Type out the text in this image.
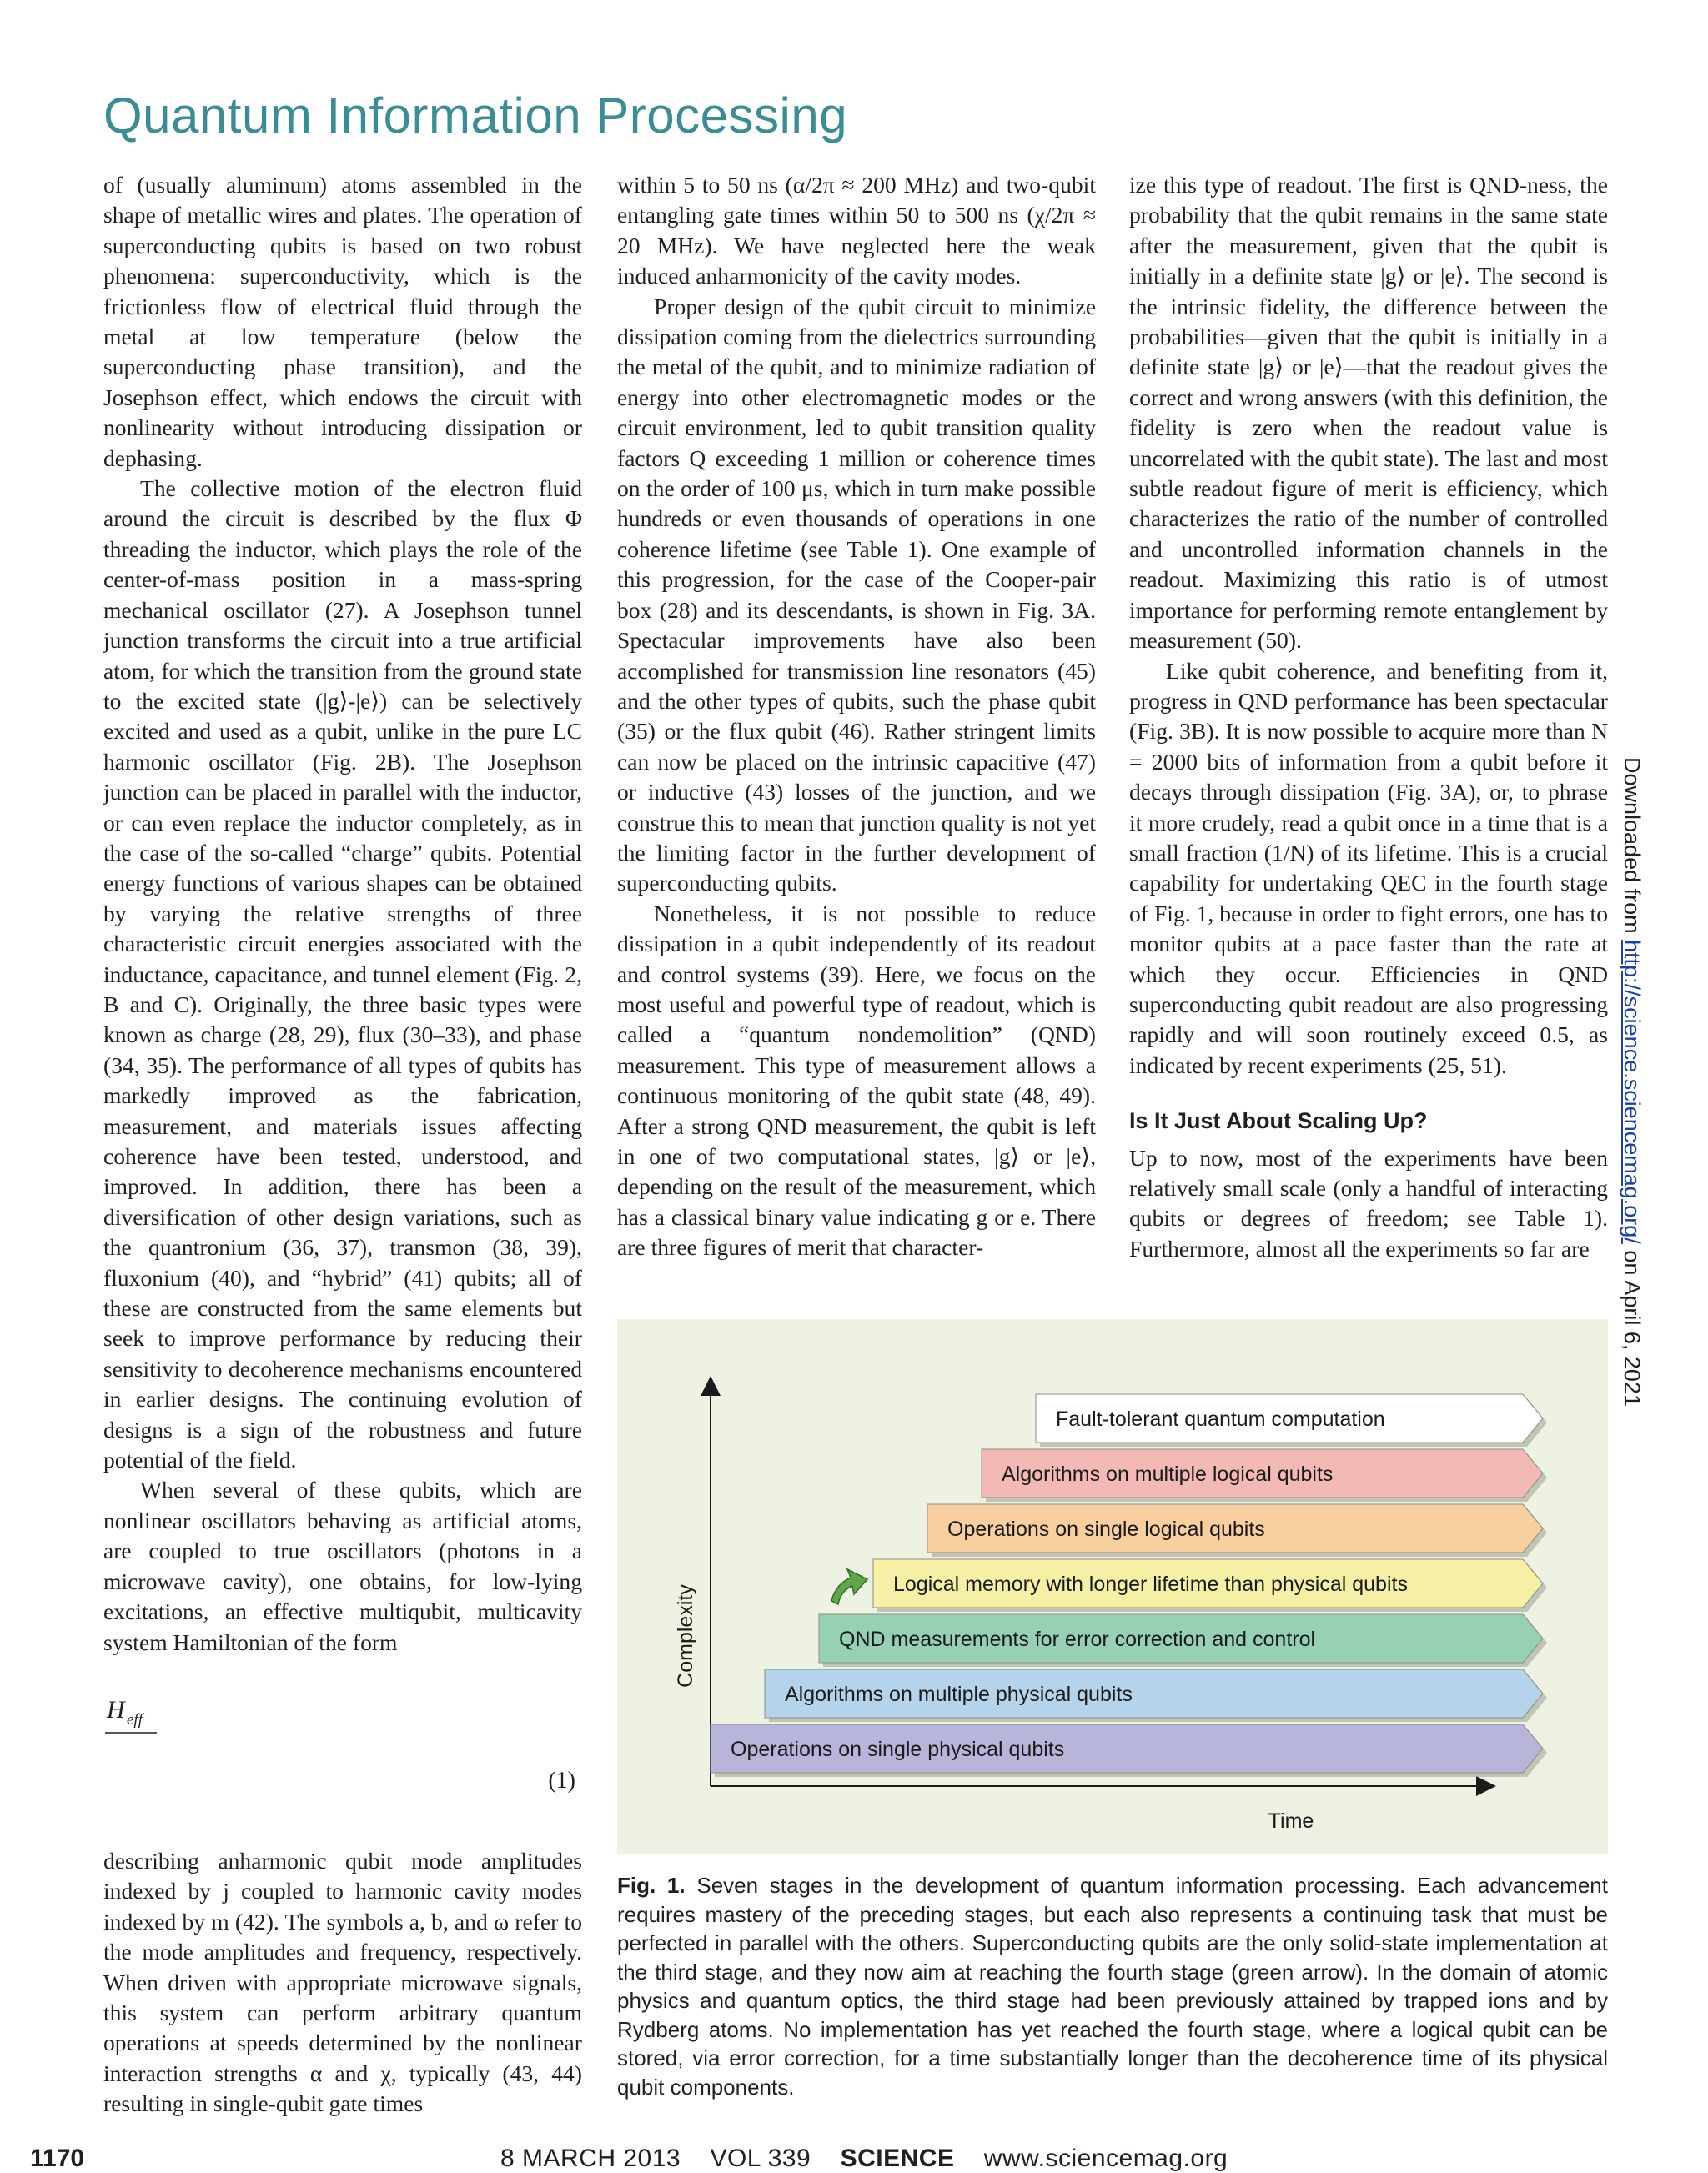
Quantum Information Processing

of (usually aluminum) atoms assembled in the shape of metallic wires and plates. The operation of superconducting qubits is based on two robust phenomena: superconductivity, which is the frictionless flow of electrical fluid through the metal at low temperature (below the superconducting phase transition), and the Josephson effect, which endows the circuit with nonlinearity without introducing dissipation or dephasing.

The collective motion of the electron fluid around the circuit is described by the flux Φ threading the inductor, which plays the role of the center-of-mass position in a mass-spring mechanical oscillator (27). A Josephson tunnel junction transforms the circuit into a true artificial atom, for which the transition from the ground state to the excited state (|g⟩-|e⟩) can be selectively excited and used as a qubit, unlike in the pure LC harmonic oscillator (Fig. 2B). The Josephson junction can be placed in parallel with the inductor, or can even replace the inductor completely, as in the case of the so-called “charge” qubits. Potential energy functions of various shapes can be obtained by varying the relative strengths of three characteristic circuit energies associated with the inductance, capacitance, and tunnel element (Fig. 2, B and C). Originally, the three basic types were known as charge (28, 29), flux (30–33), and phase (34, 35). The performance of all types of qubits has markedly improved as the fabrication, measurement, and materials issues affecting coherence have been tested, understood, and improved. In addition, there has been a diversification of other design variations, such as the quantronium (36, 37), transmon (38, 39), fluxonium (40), and “hybrid” (41) qubits; all of these are constructed from the same elements but seek to improve performance by reducing their sensitivity to decoherence mechanisms encountered in earlier designs. The continuing evolution of designs is a sign of the robustness and future potential of the field.

When several of these qubits, which are nonlinear oscillators behaving as artificial atoms, are coupled to true oscillators (photons in a microwave cavity), one obtains, for low-lying excitations, an effective multiqubit, multicavity system Hamiltonian of the form

H eff
(1)

describing anharmonic qubit mode amplitudes indexed by j coupled to harmonic cavity modes indexed by m (42). The symbols a, b, and ω refer to the mode amplitudes and frequency, respectively. When driven with appropriate microwave signals, this system can perform arbitrary quantum operations at speeds determined by the nonlinear interaction strengths α and χ, typically (43, 44) resulting in single-qubit gate times

within 5 to 50 ns (α/2π ≈ 200 MHz) and two-qubit entangling gate times within 50 to 500 ns (χ/2π ≈ 20 MHz). We have neglected here the weak induced anharmonicity of the cavity modes.

Proper design of the qubit circuit to minimize dissipation coming from the dielectrics surrounding the metal of the qubit, and to minimize radiation of energy into other electromagnetic modes or the circuit environment, led to qubit transition quality factors Q exceeding 1 million or coherence times on the order of 100 μs, which in turn make possible hundreds or even thousands of operations in one coherence lifetime (see Table 1). One example of this progression, for the case of the Cooper-pair box (28) and its descendants, is shown in Fig. 3A. Spectacular improvements have also been accomplished for transmission line resonators (45) and the other types of qubits, such the phase qubit (35) or the flux qubit (46). Rather stringent limits can now be placed on the intrinsic capacitive (47) or inductive (43) losses of the junction, and we construe this to mean that junction quality is not yet the limiting factor in the further development of superconducting qubits.

Nonetheless, it is not possible to reduce dissipation in a qubit independently of its readout and control systems (39). Here, we focus on the most useful and powerful type of readout, which is called a “quantum nondemolition” (QND) measurement. This type of measurement allows a continuous monitoring of the qubit state (48, 49). After a strong QND measurement, the qubit is left in one of two computational states, |g⟩ or |e⟩, depending on the result of the measurement, which has a classical binary value indicating g or e. There are three figures of merit that character-

ize this type of readout. The first is QND-ness, the probability that the qubit remains in the same state after the measurement, given that the qubit is initially in a definite state |g⟩ or |e⟩. The second is the intrinsic fidelity, the difference between the probabilities—given that the qubit is initially in a definite state |g⟩ or |e⟩—that the readout gives the correct and wrong answers (with this definition, the fidelity is zero when the readout value is uncorrelated with the qubit state). The last and most subtle readout figure of merit is efficiency, which characterizes the ratio of the number of controlled and uncontrolled information channels in the readout. Maximizing this ratio is of utmost importance for performing remote entanglement by measurement (50).

Like qubit coherence, and benefiting from it, progress in QND performance has been spectacular (Fig. 3B). It is now possible to acquire more than N = 2000 bits of information from a qubit before it decays through dissipation (Fig. 3A), or, to phrase it more crudely, read a qubit once in a time that is a small fraction (1/N) of its lifetime. This is a crucial capability for undertaking QEC in the fourth stage of Fig. 1, because in order to fight errors, one has to monitor qubits at a pace faster than the rate at which they occur. Efficiencies in QND superconducting qubit readout are also progressing rapidly and will soon routinely exceed 0.5, as indicated by recent experiments (25, 51).

Is It Just About Scaling Up?

Up to now, most of the experiments have been relatively small scale (only a handful of interacting qubits or degrees of freedom; see Table 1). Furthermore, almost all the experiments so far are

Complexity
Time
Operations on single physical qubits
Algorithms on multiple physical qubits
QND measurements for error correction and control
Logical memory with longer lifetime than physical qubits
Operations on single logical qubits
Algorithms on multiple logical qubits
Fault-tolerant quantum computation
Fig. 1. Seven stages in the development of quantum information processing. Each advancement requires mastery of the preceding stages, but each also represents a continuing task that must be perfected in parallel with the others. Superconducting qubits are the only solid-state implementation at the third stage, and they now aim at reaching the fourth stage (green arrow). In the domain of atomic physics and quantum optics, the third stage had been previously attained by trapped ions and by Rydberg atoms. No implementation has yet reached the fourth stage, where a logical qubit can be stored, via error correction, for a time substantially longer than the decoherence time of its physical qubit components.
1170	8 MARCH 2013 VOL 339 SCIENCE www.sciencemag.org
Downloaded from http://science.sciencemag.org/ on April 6, 2021
